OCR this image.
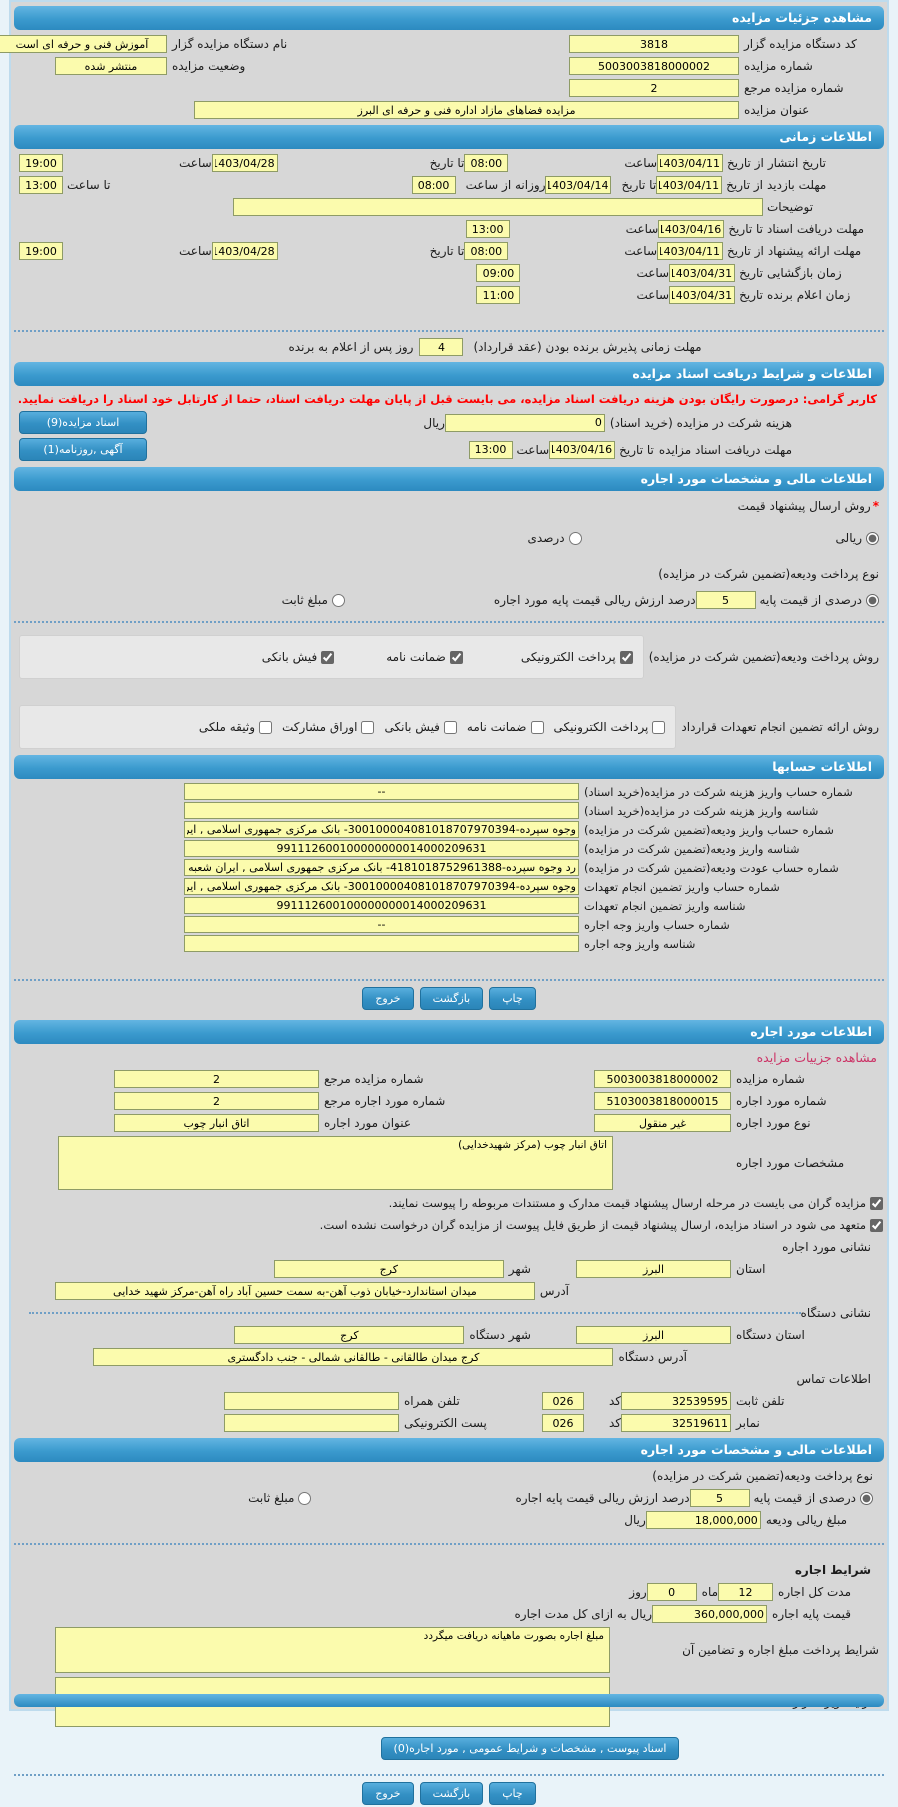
مشاهده جزئیات مزایده
کد دستگاه مزایده گزار
3818
نام دستگاه مزایده گزار
آموزش فنی و حرفه ای است
شماره مزایده
5003003818000002
وضعیت مزایده
منتشر شده
شماره مزایده مرجع
2
عنوان مزایده
مزایده فضاهای مازاد اداره فنی و حرفه ای البرز
اطلاعات زمانی
تاریخ انتشار
از تاریخ
1403/04/11
ساعت
08:00
تا تاریخ
1403/04/28
ساعت
19:00
مهلت بازدید
از تاریخ
1403/04/11
تا تاریخ
1403/04/14
روزانه از ساعت
08:00
تا ساعت
13:00
توضیحات
مهلت دریافت اسناد
تا تاریخ
1403/04/16
ساعت
13:00
مهلت ارائه پیشنهاد
از تاریخ
1403/04/11
ساعت
08:00
تا تاریخ
1403/04/28
ساعت
19:00
زمان بازگشایی
تاریخ
1403/04/31
ساعت
09:00
زمان اعلام برنده
تاریخ
1403/04/31
ساعت
11:00
مهلت زمانی پذیرش برنده بودن (عقد قرارداد)
4
روز پس از اعلام به برنده
اطلاعات و شرایط دریافت اسناد مزایده
کاربر گرامی: درصورت رایگان بودن هزینه دریافت اسناد مزایده، می بایست قبل از پایان مهلت دریافت اسناد، حتما از کارتابل خود اسناد را دریافت نمایید.
هزینه شرکت در مزایده (خرید اسناد)
0
ریال
اسناد مزایده(9)
مهلت دریافت اسناد مزایده
تا تاریخ
1403/04/16
ساعت
13:00
آگهی ,روزنامه(1)
اطلاعات مالی و مشخصات مورد اجاره
*
روش ارسال پیشنهاد قیمت
ریالی
درصدی
نوع پرداخت ودیعه(تضمین شرکت در مزایده)
درصدی از قیمت پایه
5
درصد ارزش ریالی قیمت پایه مورد اجاره
مبلغ ثابت
روش پرداخت ودیعه(تضمین شرکت در مزایده)
پرداخت الکترونیکی
ضمانت نامه
فیش بانکی
روش ارائه تضمین انجام تعهدات قرارداد
پرداخت الکترونیکی
ضمانت نامه
فیش بانکی
اوراق مشارکت
وثیقه ملکی
اطلاعات حسابها
شماره حساب واریز هزینه شرکت در مزایده(خرید اسناد)
--
شناسه واریز هزینه شرکت در مزایده(خرید اسناد)
شماره حساب واریز ودیعه(تضمین شرکت در مزایده)
وجوه سپرده-300100004081018707970394- بانک مرکزی جمهوری اسلامی , ایران شعبه بانک
شناسه واریز ودیعه(تضمین شرکت در مزایده)
991112600100000000014000209631
شماره حساب عودت ودیعه(تضمین شرکت در مزایده)
رد وجوه سپرده-4181018752961388- بانک مرکزی جمهوری اسلامی , ایران شعبه بانک مرکزی
شماره حساب واریز تضمین انجام تعهدات
وجوه سپرده-300100004081018707970394- بانک مرکزی جمهوری اسلامی , ایران شعبه بانک
شناسه واریز تضمین انجام تعهدات
991112600100000000014000209631
شماره حساب واریز وجه اجاره
--
شناسه واریز وجه اجاره
چاپ
بازگشت
خروج
اطلاعات مورد اجاره
مشاهده جزییات مزایده
شماره مزایده
5003003818000002
شماره مزایده مرجع
2
شماره مورد اجاره
5103003818000015
شماره مورد اجاره مرجع
2
نوع مورد اجاره
غیر منقول
عنوان مورد اجاره
اتاق انبار چوب
مشخصات مورد اجاره
اتاق انبار چوب (مرکز شهیدخدایی)
مزایده گران می بایست در مرحله ارسال پیشنهاد قیمت مدارک و مستندات مربوطه را پیوست نمایند.
متعهد می شود در اسناد مزایده، ارسال پیشنهاد قیمت از طریق فایل پیوست از مزایده گران درخواست نشده است.
نشانی مورد اجاره
استان
البرز
شهر
کرج
آدرس
میدان استاندارد-خیابان ذوب آهن-به سمت حسین آباد راه آهن-مرکز شهید خدایی
نشانی دستگاه
استان دستگاه
البرز
شهر دستگاه
کرج
آدرس دستگاه
کرج میدان طالقانی - طالقانی شمالی - جنب دادگستری
اطلاعات تماس
تلفن ثابت
32539595
کد
026
تلفن همراه
نمابر
32519611
کد
026
پست الکترونیکی
اطلاعات مالی و مشخصات مورد اجاره
نوع پرداخت ودیعه(تضمین شرکت در مزایده)
درصدی از قیمت پایه
5
درصد ارزش ریالی قیمت پایه اجاره
مبلغ ثابت
مبلغ ریالی ودیعه
18,000,000
ریال
شرایط اجاره
مدت کل اجاره
12
ماه
0
روز
قیمت پایه اجاره
360,000,000
ریال به ازای کل مدت اجاره
شرایط پرداخت مبلغ اجاره و تضامین آن
مبلغ اجاره بصورت ماهیانه دریافت میگردد
اسناد پیوست , مشخصات و شرایط عمومی , مورد اجاره(0)
چاپ
بازگشت
خروج
